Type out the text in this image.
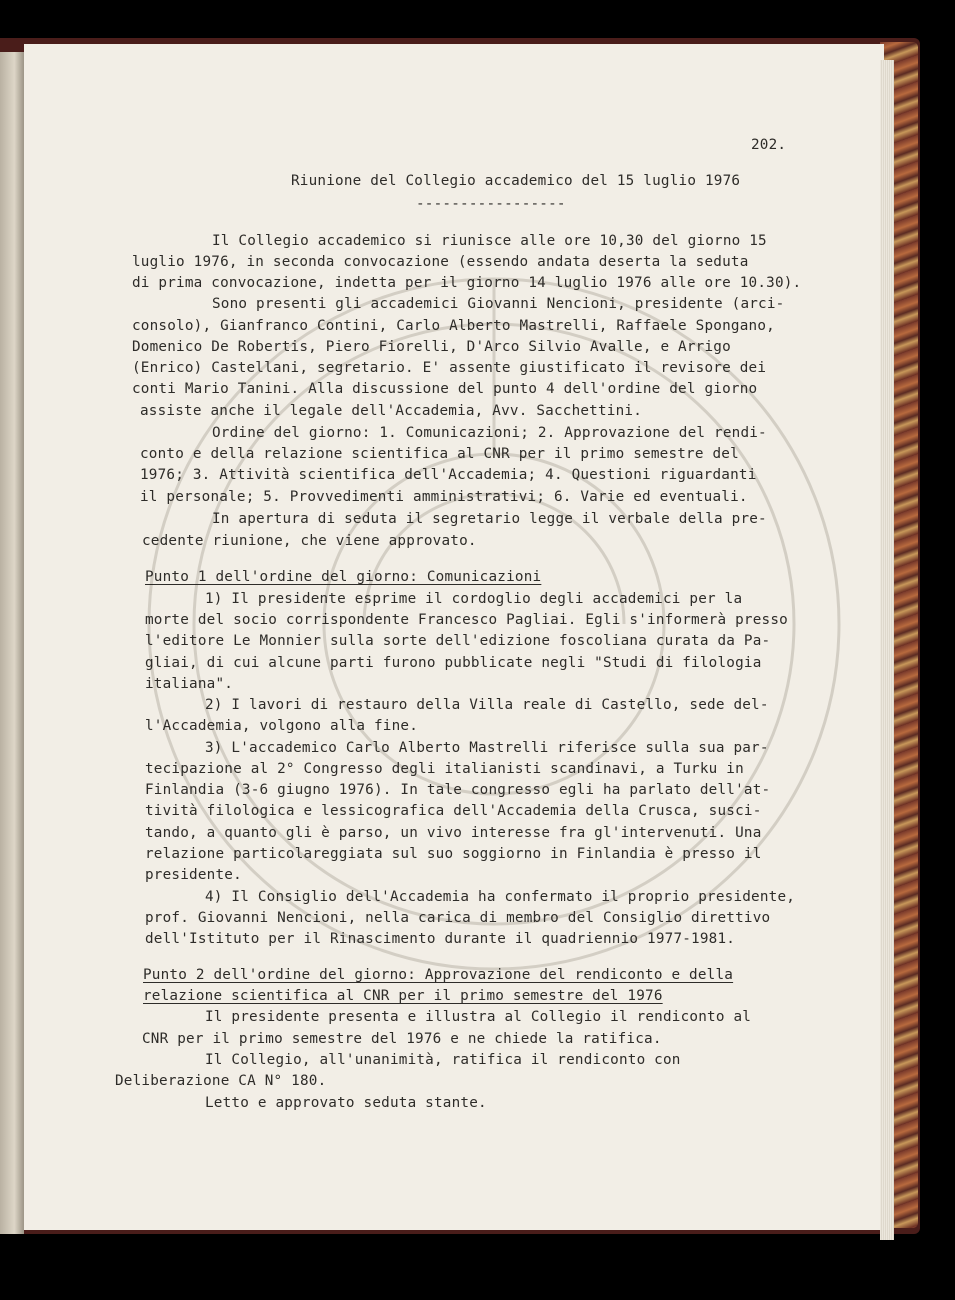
202.
Riunione del Collegio accademico del 15 luglio 1976
-----------------
Il Collegio accademico si riunisce alle ore 10,30 del giorno 15
luglio 1976, in seconda convocazione (essendo andata deserta la seduta
di prima convocazione, indetta per il giorno 14 luglio 1976 alle ore 10.30).
Sono presenti gli accademici Giovanni Nencioni, presidente (arci-
consolo), Gianfranco Contini, Carlo Alberto Mastrelli, Raffaele Spongano,
Domenico De Robertis, Piero Fiorelli, D'Arco Silvio Avalle, e Arrigo
(Enrico) Castellani, segretario. E' assente giustificato il revisore dei
conti Mario Tanini. Alla discussione del punto 4 dell'ordine del giorno
assiste anche il legale dell'Accademia, Avv. Sacchettini.
Ordine del giorno: 1. Comunicazioni; 2. Approvazione del rendi-
conto e della relazione scientifica al CNR per il primo semestre del
1976; 3. Attività scientifica dell'Accademia; 4. Questioni riguardanti
il personale; 5. Provvedimenti amministrativi; 6. Varie ed eventuali.
In apertura di seduta il segretario legge il verbale della pre-
cedente riunione, che viene approvato.
Punto 1 dell'ordine del giorno: Comunicazioni
1) Il presidente esprime il cordoglio degli accademici per la
morte del socio corrispondente Francesco Pagliai. Egli s'informerà presso
l'editore Le Monnier sulla sorte dell'edizione foscoliana curata da Pa-
gliai, di cui alcune parti furono pubblicate negli "Studi di filologia
italiana".
2) I lavori di restauro della Villa reale di Castello, sede del-
l'Accademia, volgono alla fine.
3) L'accademico Carlo Alberto Mastrelli riferisce sulla sua par-
tecipazione al 2° Congresso degli italianisti scandinavi, a Turku in
Finlandia (3-6 giugno 1976). In tale congresso egli ha parlato dell'at-
tività filologica e lessicografica dell'Accademia della Crusca, susci-
tando, a quanto gli è parso, un vivo interesse fra gl'intervenuti. Una
relazione particolareggiata sul suo soggiorno in Finlandia è presso il
presidente.
4) Il Consiglio dell'Accademia ha confermato il proprio presidente,
prof. Giovanni Nencioni, nella carica di membro del Consiglio direttivo
dell'Istituto per il Rinascimento durante il quadriennio 1977-1981.
Punto 2 dell'ordine del giorno: Approvazione del rendiconto e della
relazione scientifica al CNR per il primo semestre del 1976
Il presidente presenta e illustra al Collegio il rendiconto al
CNR per il primo semestre del 1976 e ne chiede la ratifica.
Il Collegio, all'unanimità, ratifica il rendiconto con
Deliberazione CA N° 180.
Letto e approvato seduta stante.
